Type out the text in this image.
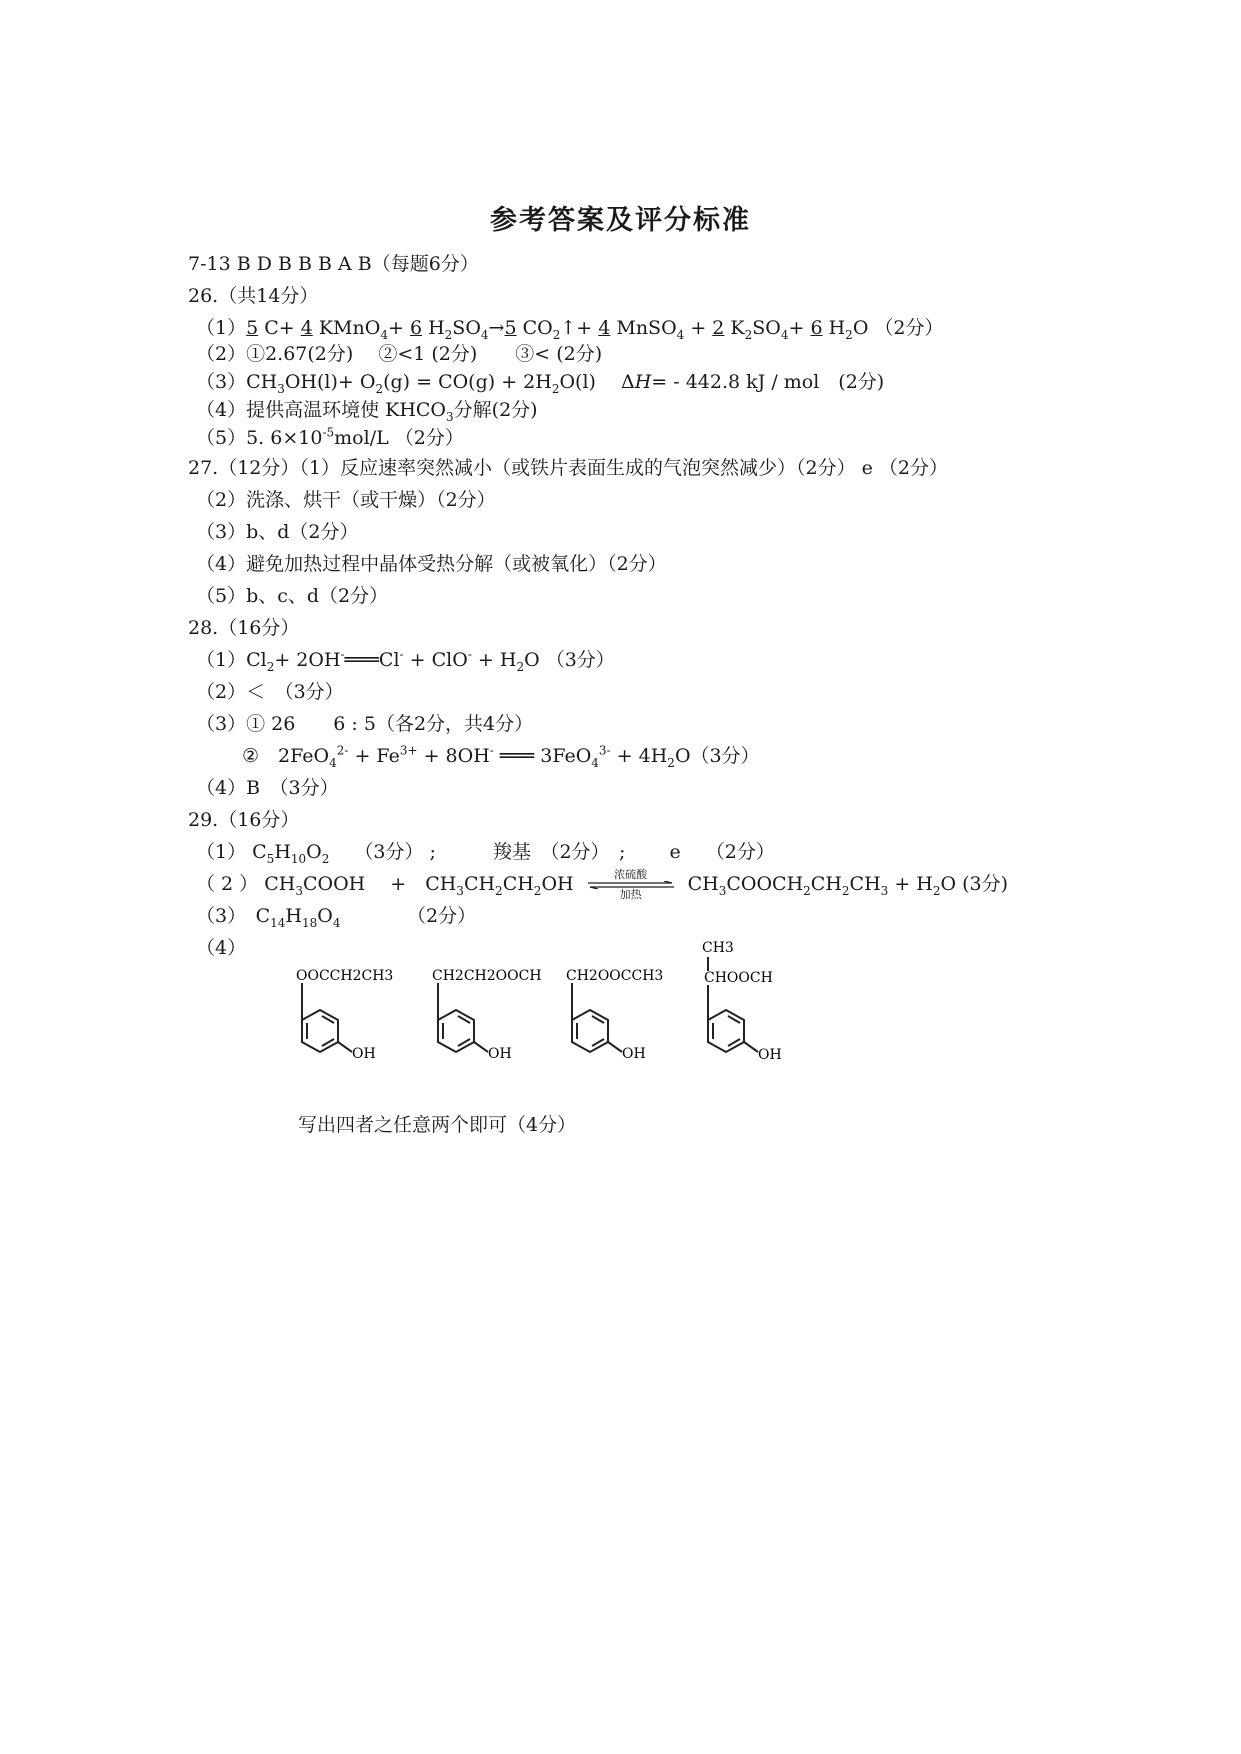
参考答案及评分标准
7-13 B D B B B A B（每题6分）
26.（共14分）
（1）5 C+ 4 KMnO$_4$+ 6 $H_2SO_4\to 5$ $CO_2↑+ 4$ MnSO$_4$ + 2 $K_2SO_4+ 6$ $H_2O$ （2分）
（2）①2.67(2分)　 ②<1 (2分)　　③< (2分)
$(3)CH_3OH(l)+ O_2(g) = CO(g) + 2H_2O(l)$　 ΔH= - 442.8 kJ / mol　(2分)
（4）提供高温环境使 $KHCO_3$分解(2分)
（5）5. $6\times 10^{-5}mol/L$ （2分）
27.（12分）（1）反应速率突然减小（或铁片表面生成的气泡突然减少）（2分） e （2分）
（2）洗涤、烘干（或干燥）（2分）
（3）b、d（2分）
（4）避免加热过程中晶体受热分解（或被氧化）（2分）
（5）b、c、d（2分）
28.（16分）
$(1)Cl_2+$ 2OH-═══Cl- + $ClO^- + H_2O$ （3分）
（2）＜　（3分）
（3）① 26　　6 : 5（各2分，共4分）
②　$2FeO_4^{2-} + Fe^{3+} + 8OH^-$ ═══ $3FeO_4^{3-} + 4H_2O(3$分）
（4）B　（3分）
29.（16分）
（1） $C_5H_{10}O_2$　 （3分） ;　　　羧基　（2分）　;　　 e　 （2分）
（ 2 ） $CH_3COOH$　 +　$CH_3CH_2CH_2OH$	浓硫酸
加热	$CH_3COOCH_2CH_2CH_3 + H_2O$ (3分)
（3）　$C_{14}H_{18}O_4$　　　　（2分）
（4）
OOCCH2CH3
OH
CH2CH2OOCH
OH
CH2OOCCH3
OH
CH3
CHOOCH
OH
写出四者之任意两个即可（4分）
